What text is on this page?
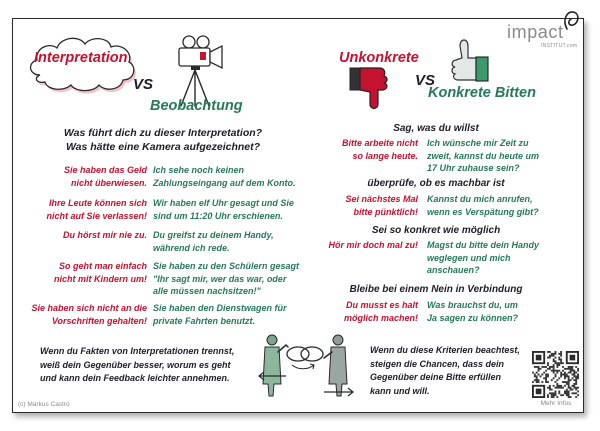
Interpretation
VS
Beobachtung
Unkonkrete
VS
Konkrete Bitten
impact
INSTITUT.com
Was führt dich zu dieser Interpretation?
Was hätte eine Kamera aufgezeichnet?
Sie haben das Geld
nicht überwiesen.
Ich sehe noch keinen
Zahlungseingang auf dem Konto.
Ihre Leute können sich
nicht auf Sie verlassen!
Wir haben elf Uhr gesagt und Sie
sind um 11:20 Uhr erschienen.
Du hörst mir nie zu. Du greifst zu deinem Handy,
während ich rede.
So geht man einfach
nicht mit Kindern um!
Sie haben zu den Schülern gesagt
"Ihr sagt mir, wer das war, oder
alle müssen nachsitzen!"
Sie haben sich nicht an die
Vorschriften gehalten!
Sie haben den Dienstwagen für
private Fahrten benutzt.
Sag, was du willst
Bitte arbeite nicht
so lange heute.
Ich wünsche mir Zeit zu
zweit, kannst du heute um
17 Uhr zuhause sein?
überprüfe, ob es machbar ist
Sei nächstes Mal
bitte pünktlich!
Kannst du mich anrufen,
wenn es Verspätung gibt?
Sei so konkret wie möglich
Hör mir doch mal zu! Magst du bitte dein Handy
weglegen und mich
anschauen?
Bleibe bei einem Nein in Verbindung
Du musst es halt
möglich machen!
Was brauchst du, um
Ja sagen zu können?
Wenn du Fakten von Interpretationen trennst,
weiß dein Gegenüber besser, worum es geht
und kann dein Feedback leichter annehmen.
Wenn du diese Kriterien beachtest,
steigen die Chancen, dass dein
Gegenüber deine Bitte erfüllen
kann und will.
(c) Markus Castro	Mehr Infos
